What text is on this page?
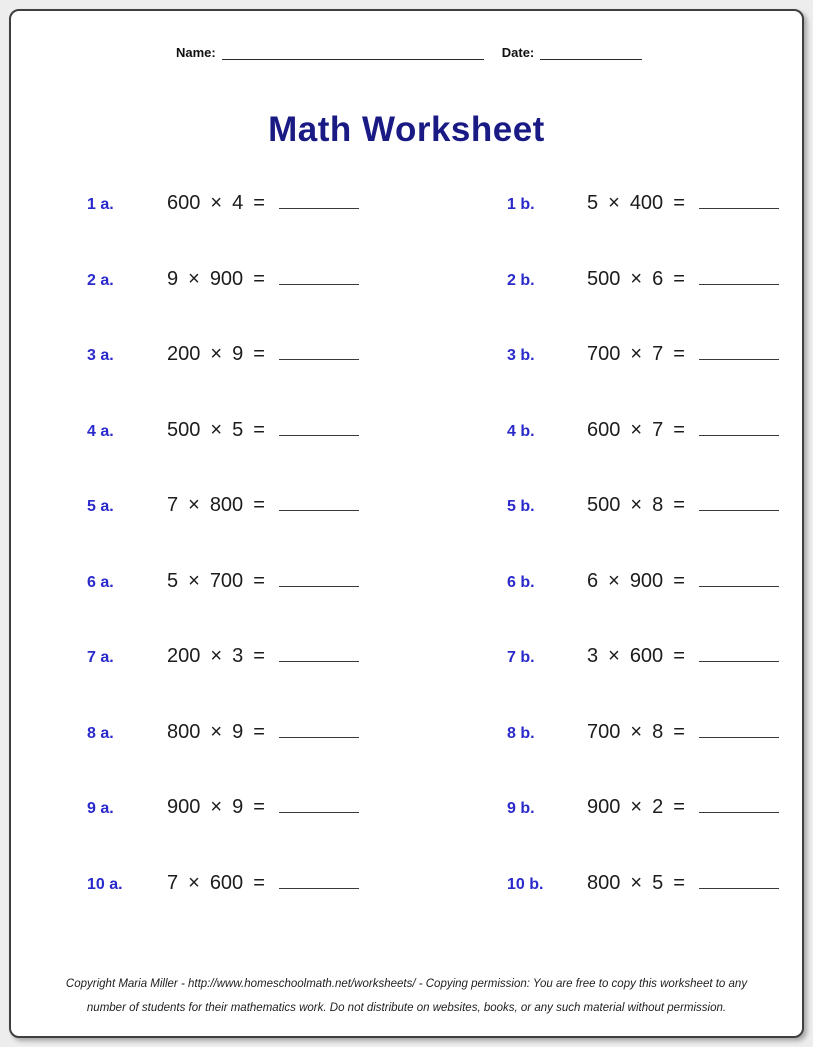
Name:	Date:
Math Worksheet
1 a.	600 × 4 =	1 b.	5 × 400 =
2 a.	9 × 900 =	2 b.	500 × 6 =
3 a.	200 × 9 =	3 b.	700 × 7 =
4 a.	500 × 5 =	4 b.	600 × 7 =
5 a.	7 × 800 =	5 b.	500 × 8 =
6 a.	5 × 700 =	6 b.	6 × 900 =
7 a.	200 × 3 =	7 b.	3 × 600 =
8 a.	800 × 9 =	8 b.	700 × 8 =
9 a.	900 × 9 =	9 b.	900 × 2 =
10 a.	7 × 600 =	10 b.	800 × 5 =
Copyright Maria Miller - http://www.homeschoolmath.net/worksheets/ - Copying permission: You are free to copy this worksheet to any
number of students for their mathematics work. Do not distribute on websites, books, or any such material without permission.
